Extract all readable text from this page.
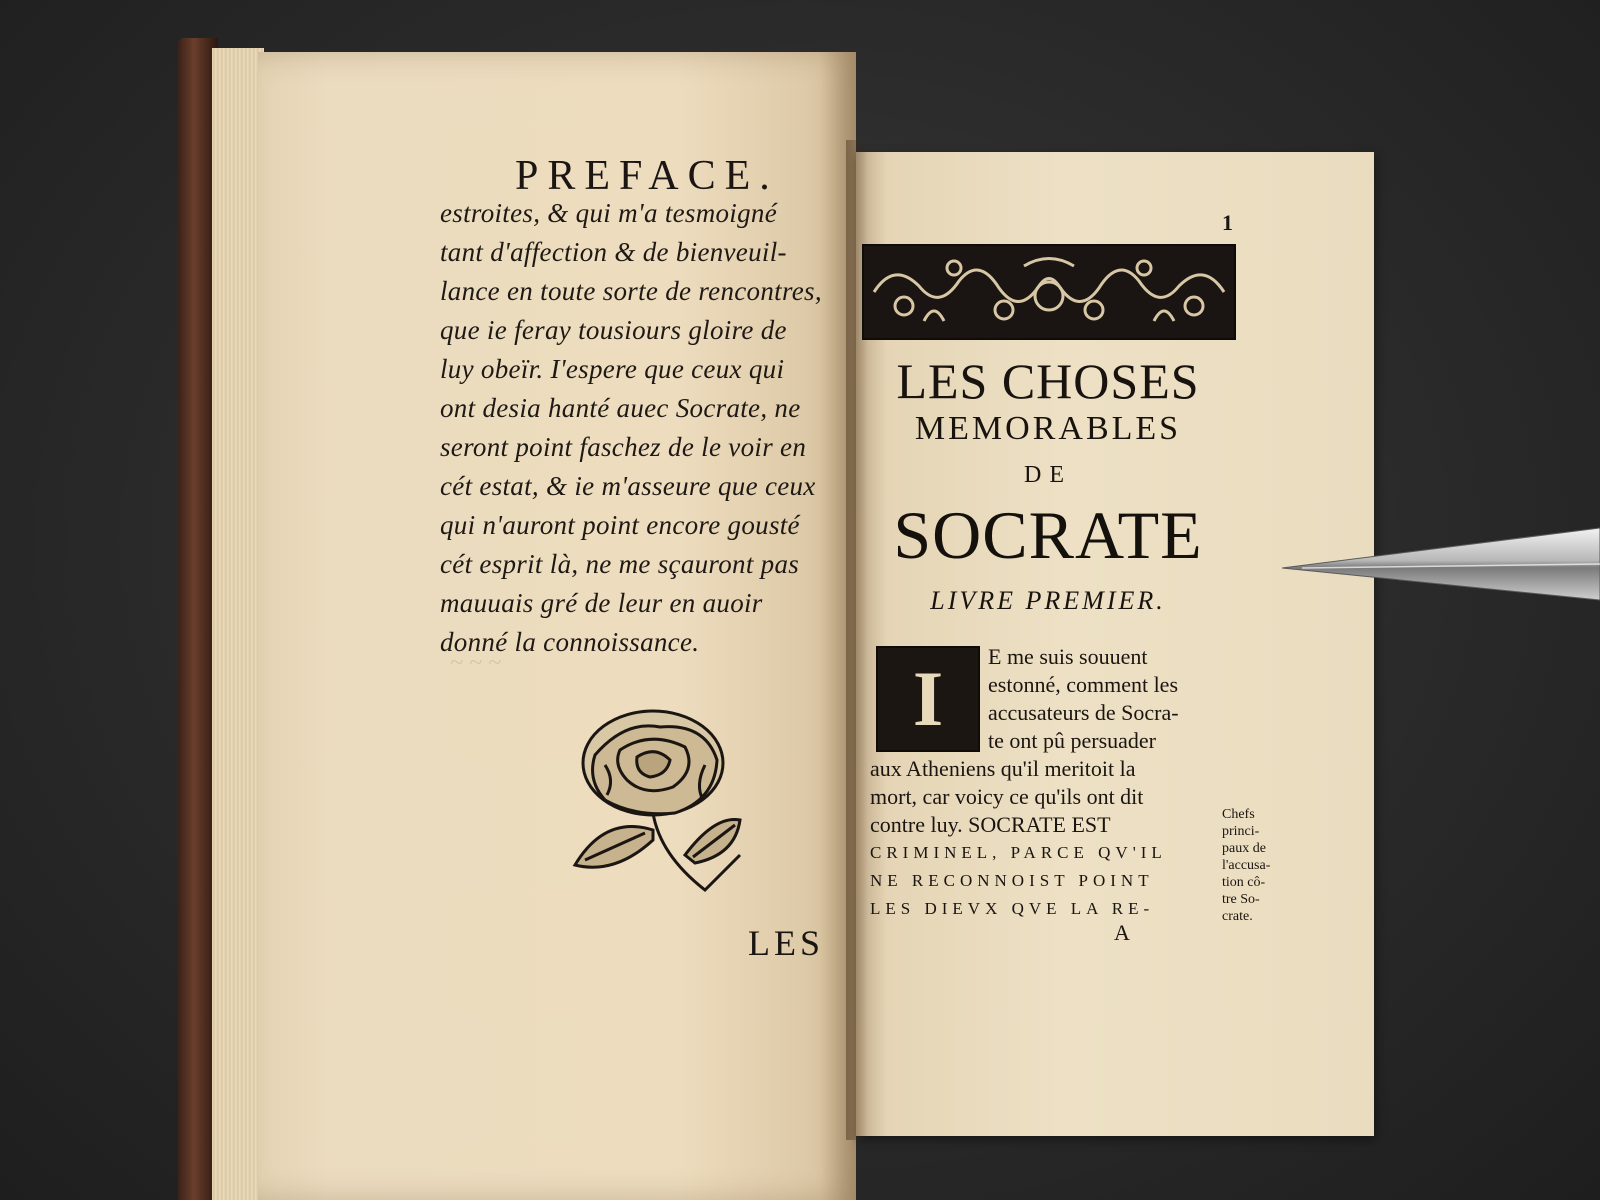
~ ~ ~
PREFACE.
estroites, & qui m'a tesmoigné
tant d'affection & de bienveuil-
lance en toute sorte de rencontres,
que ie feray tousiours gloire de
luy obeïr. I'espere que ceux qui
ont desia hanté auec Socrate, ne
seront point faschez de le voir en
cét estat, & ie m'asseure que ceux
qui n'auront point encore gousté
cét esprit là, ne me sçauront pas
mauuais gré de leur en auoir
donné la connoissance.
LES
1
LES CHOSES
MEMORABLES
DE
SOCRATE
LIVRE PREMIER.
I	E me suis souuent
estonné, comment les
accusateurs de Socra-
te ont pû persuader
aux Atheniens qu'il meritoit la
mort, car voicy ce qu'ils ont dit
contre luy. SOCRATE EST
CRIMINEL, PARCE QV'IL
NE RECONNOIST POINT
LES DIEVX QVE LA RE-
A
Chefs
princi-
paux de
l'accusa-
tion cô-
tre So-
crate.
